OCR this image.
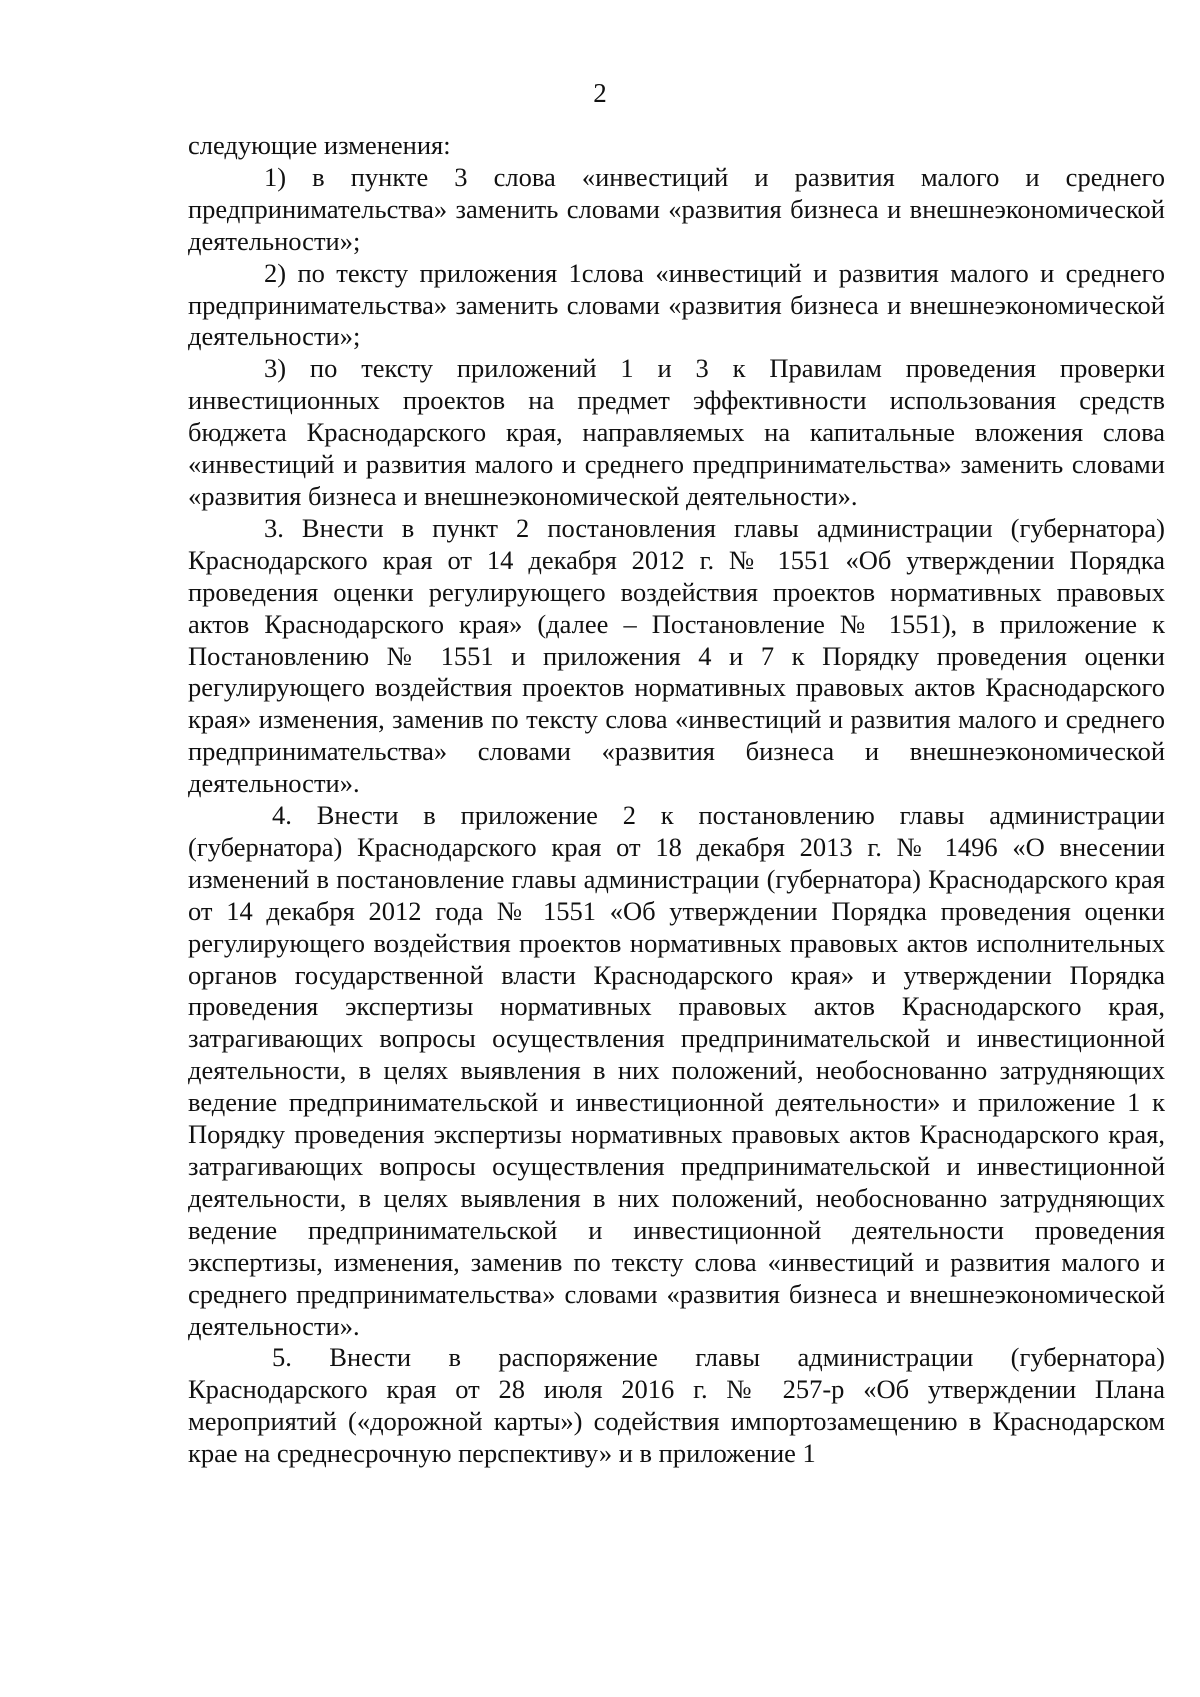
2

следующие изменения:

1) в пункте 3 слова «инвестиций и развития малого и среднего предпринимательства» заменить словами «развития бизнеса и внешнеэкономической деятельности»;

2) по тексту приложения 1слова «инвестиций и развития малого и среднего предпринимательства» заменить словами «развития бизнеса и внешнеэкономической деятельности»;

3) по тексту приложений 1 и 3 к Правилам проведения проверки инвестиционных проектов на предмет эффективности использования средств бюджета Краснодарского края, направляемых на капитальные вложения слова «инвестиций и развития малого и среднего предпринимательства» заменить словами «развития бизнеса и внешнеэкономической деятельности».

3. Внести в пункт 2 постановления главы администрации (губернатора) Краснодарского края от 14 декабря 2012 г. № 1551 «Об утверждении Порядка проведения оценки регулирующего воздействия проектов нормативных правовых актов Краснодарского края» (далее – Постановление № 1551), в приложение к Постановлению № 1551 и приложения 4 и 7 к Порядку проведения оценки регулирующего воздействия проектов нормативных правовых актов Краснодарского края» изменения, заменив по тексту слова «инвестиций и развития малого и среднего предпринимательства» словами «развития бизнеса и внешнеэкономической деятельности».

4. Внести в приложение 2 к постановлению главы администрации (губернатора) Краснодарского края от 18 декабря 2013 г. № 1496 «О внесении изменений в постановление главы администрации (губернатора) Краснодарского края от 14 декабря 2012 года № 1551 «Об утверждении Порядка проведения оценки регулирующего воздействия проектов нормативных правовых актов исполнительных органов государственной власти Краснодарского края» и утверждении Порядка проведения экспертизы нормативных правовых актов Краснодарского края, затрагивающих вопросы осуществления предпринимательской и инвестиционной деятельности, в целях выявления в них положений, необоснованно затрудняющих ведение предпринимательской и инвестиционной деятельности» и приложение 1 к Порядку проведения экспертизы нормативных правовых актов Краснодарского края, затрагивающих вопросы осуществления предпринимательской и инвестиционной деятельности, в целях выявления в них положений, необоснованно затрудняющих ведение предпринимательской и инвестиционной деятельности проведения экспертизы, изменения, заменив по тексту слова «инвестиций и развития малого и среднего предпринимательства» словами «развития бизнеса и внешнеэкономической деятельности».

5. Внести в распоряжение главы администрации (губернатора) Краснодарского края от 28 июля 2016 г. № 257-р «Об утверждении Плана мероприятий («дорожной карты») содействия импортозамещению в Краснодарском крае на среднесрочную перспективу» и в приложение 1
